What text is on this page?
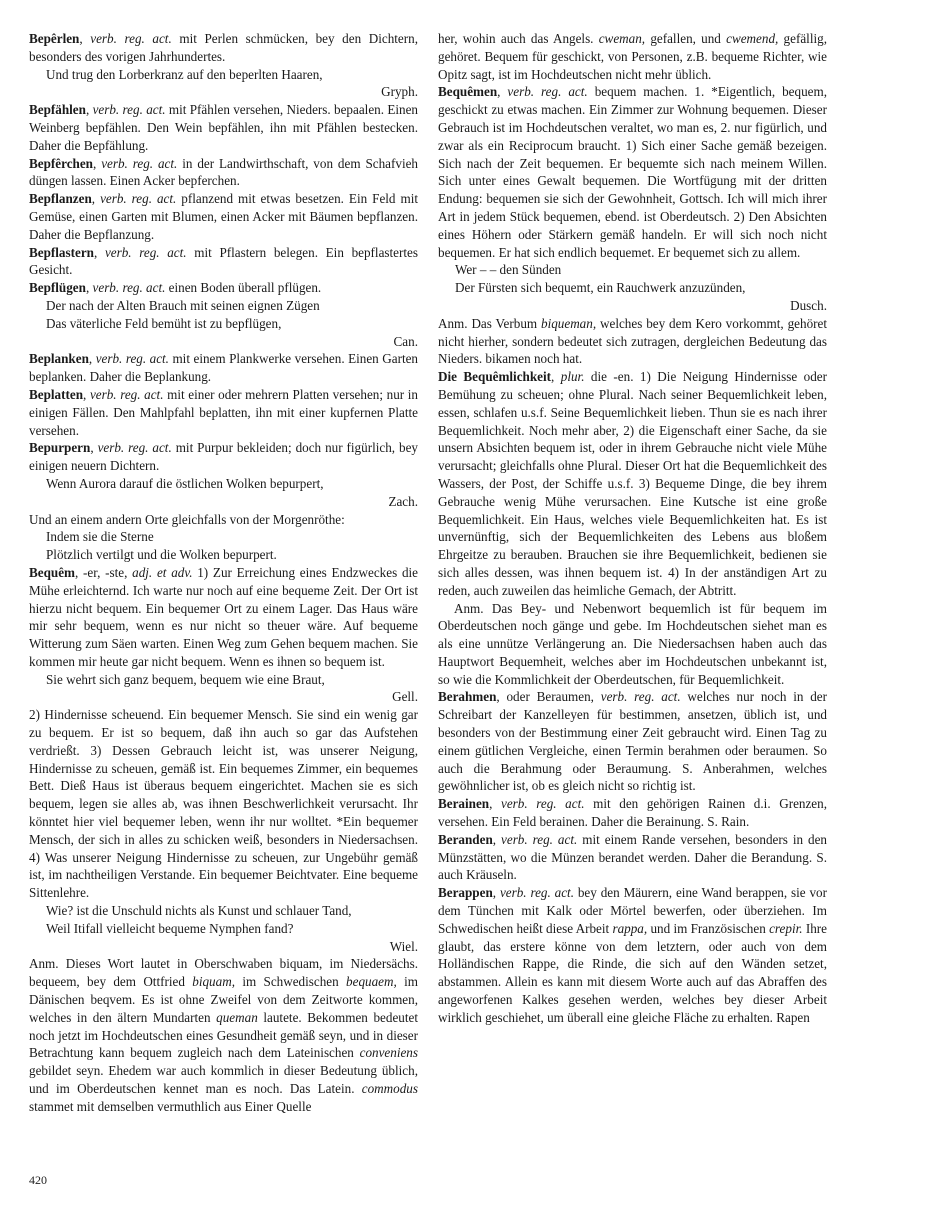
Bepêrlen, verb. reg. act. mit Perlen schmücken, bey den Dichtern, besonders des vorigen Jahrhundertes.

Und trug den Lorberkranz auf den beperlten Haaren,

Gryph.

Bepfählen, verb. reg. act. mit Pfählen versehen, Nieders. bepaalen. Einen Weinberg bepfählen. Den Wein bepfählen, ihn mit Pfählen bestecken. Daher die Bepfählung.

Bepfêrchen, verb. reg. act. in der Landwirthschaft, von dem Schafvieh düngen lassen. Einen Acker bepferchen.

Bepflanzen, verb. reg. act. pflanzend mit etwas besetzen. Ein Feld mit Gemüse, einen Garten mit Blumen, einen Acker mit Bäumen bepflanzen. Daher die Bepflanzung.

Bepflastern, verb. reg. act. mit Pflastern belegen. Ein bepflastertes Gesicht.

Bepflügen, verb. reg. act. einen Boden überall pflügen.

Der nach der Alten Brauch mit seinen eignen Zügen

Das väterliche Feld bemüht ist zu bepflügen,

Can.

Beplanken, verb. reg. act. mit einem Plankwerke versehen. Einen Garten beplanken. Daher die Beplankung.

Beplatten, verb. reg. act. mit einer oder mehrern Platten versehen; nur in einigen Fällen. Den Mahlpfahl beplatten, ihn mit einer kupfernen Platte versehen.

Bepurpern, verb. reg. act. mit Purpur bekleiden; doch nur figürlich, bey einigen neuern Dichtern.

Wenn Aurora darauf die östlichen Wolken bepurpert,

Zach.

Und an einem andern Orte gleichfalls von der Morgenröthe:

Indem sie die Sterne

Plötzlich vertilgt und die Wolken bepurpert.

Bequêm, -er, -ste, adj. et adv. 1) Zur Erreichung eines Endzweckes die Mühe erleichternd. Ich warte nur noch auf eine bequeme Zeit. Der Ort ist hierzu nicht bequem. Ein bequemer Ort zu einem Lager. Das Haus wäre mir sehr bequem, wenn es nur nicht so theuer wäre. Auf bequeme Witterung zum Säen warten. Einen Weg zum Gehen bequem machen. Sie kommen mir heute gar nicht bequem. Wenn es ihnen so bequem ist.

Sie wehrt sich ganz bequem, bequem wie eine Braut,

Gell.

2) Hindernisse scheuend. Ein bequemer Mensch. Sie sind ein wenig gar zu bequem. Er ist so bequem, daß ihn auch so gar das Aufstehen verdrießt. 3) Dessen Gebrauch leicht ist, was unserer Neigung, Hindernisse zu scheuen, gemäß ist. Ein bequemes Zimmer, ein bequemes Bett. Dieß Haus ist überaus bequem eingerichtet. Machen sie es sich bequem, legen sie alles ab, was ihnen Beschwerlichkeit verursacht. Ihr könntet hier viel bequemer leben, wenn ihr nur wolltet. *Ein bequemer Mensch, der sich in alles zu schicken weiß, besonders in Niedersachsen. 4) Was unserer Neigung Hindernisse zu scheuen, zur Ungebühr gemäß ist, im nachtheiligen Verstande. Ein bequemer Beichtvater. Eine bequeme Sittenlehre.

Wie? ist die Unschuld nichts als Kunst und schlauer Tand,

Weil Itifall vielleicht bequeme Nymphen fand?

Wiel.

Anm. Dieses Wort lautet in Oberschwaben biquam, im Niedersächs. bequeem, bey dem Ottfried biquam, im Schwedischen bequaem, im Dänischen beqvem. Es ist ohne Zweifel von dem Zeitworte kommen, welches in den ältern Mundarten queman lautete. Bekommen bedeutet noch jetzt im Hochdeutschen eines Gesundheit gemäß seyn, und in dieser Betrachtung kann bequem zugleich nach dem Lateinischen conveniens gebildet seyn. Ehedem war auch kommlich in dieser Bedeutung üblich, und im Oberdeutschen kennet man es noch. Das Latein. commodus stammet mit demselben vermuthlich aus Einer Quelle

her, wohin auch das Angels. cweman, gefallen, und cwemend, gefällig, gehöret. Bequem für geschickt, von Personen, z.B. bequeme Richter, wie Opitz sagt, ist im Hochdeutschen nicht mehr üblich.

Bequêmen, verb. reg. act. bequem machen. 1. *Eigentlich, bequem, geschickt zu etwas machen. Ein Zimmer zur Wohnung bequemen. Dieser Gebrauch ist im Hochdeutschen veraltet, wo man es, 2. nur figürlich, und zwar als ein Reciprocum braucht. 1) Sich einer Sache gemäß bezeigen. Sich nach der Zeit bequemen. Er bequemte sich nach meinem Willen. Sich unter eines Gewalt bequemen. Die Wortfügung mit der dritten Endung: bequemen sie sich der Gewohnheit, Gottsch. Ich will mich ihrer Art in jedem Stück bequemen, ebend. ist Oberdeutsch. 2) Den Absichten eines Höhern oder Stärkern gemäß handeln. Er will sich noch nicht bequemen. Er hat sich endlich bequemet. Er bequemet sich zu allem.

Wer – – den Sünden

Der Fürsten sich bequemt, ein Rauchwerk anzuzünden,

Dusch.

Anm. Das Verbum biqueman, welches bey dem Kero vorkommt, gehöret nicht hierher, sondern bedeutet sich zutragen, dergleichen Bedeutung das Nieders. bikamen noch hat.

Die Bequêmlichkeit, plur. die -en. 1) Die Neigung Hindernisse oder Bemühung zu scheuen; ohne Plural. Nach seiner Bequemlichkeit leben, essen, schlafen u.s.f. Seine Bequemlichkeit lieben. Thun sie es nach ihrer Bequemlichkeit. Noch mehr aber, 2) die Eigenschaft einer Sache, da sie unsern Absichten bequem ist, oder in ihrem Gebrauche nicht viele Mühe verursacht; gleichfalls ohne Plural. Dieser Ort hat die Bequemlichkeit des Wassers, der Post, der Schiffe u.s.f. 3) Bequeme Dinge, die bey ihrem Gebrauche wenig Mühe verursachen. Eine Kutsche ist eine große Bequemlichkeit. Ein Haus, welches viele Bequemlichkeiten hat. Es ist unvernünftig, sich der Bequemlichkeiten des Lebens aus bloßem Ehrgeitze zu berauben. Brauchen sie ihre Bequemlichkeit, bedienen sie sich alles dessen, was ihnen bequem ist. 4) In der anständigen Art zu reden, auch zuweilen das heimliche Gemach, der Abtritt.

Anm. Das Bey- und Nebenwort bequemlich ist für bequem im Oberdeutschen noch gänge und gebe. Im Hochdeutschen siehet man es als eine unnütze Verlängerung an. Die Niedersachsen haben auch das Hauptwort Bequemheit, welches aber im Hochdeutschen unbekannt ist, so wie die Kommlichkeit der Oberdeutschen, für Bequemlichkeit.

Berahmen, oder Beraumen, verb. reg. act. welches nur noch in der Schreibart der Kanzelleyen für bestimmen, ansetzen, üblich ist, und besonders von der Bestimmung einer Zeit gebraucht wird. Einen Tag zu einem gütlichen Vergleiche, einen Termin berahmen oder beraumen. So auch die Berahmung oder Beraumung. S. Anberahmen, welches gewöhnlicher ist, ob es gleich nicht so richtig ist.

Berainen, verb. reg. act. mit den gehörigen Rainen d.i. Grenzen, versehen. Ein Feld berainen. Daher die Berainung. S. Rain.

Beranden, verb. reg. act. mit einem Rande versehen, besonders in den Münzstätten, wo die Münzen berandet werden. Daher die Berandung. S. auch Kräuseln.

Berappen, verb. reg. act. bey den Mäurern, eine Wand berappen, sie vor dem Tünchen mit Kalk oder Mörtel bewerfen, oder überziehen. Im Schwedischen heißt diese Arbeit rappa, und im Französischen crepir. Ihre glaubt, das erstere könne von dem letztern, oder auch von dem Holländischen Rappe, die Rinde, die sich auf den Wänden setzet, abstammen. Allein es kann mit diesem Worte auch auf das Abraffen des angeworfenen Kalkes gesehen werden, welches bey dieser Arbeit wirklich geschiehet, um überall eine gleiche Fläche zu erhalten. Rapen

420
